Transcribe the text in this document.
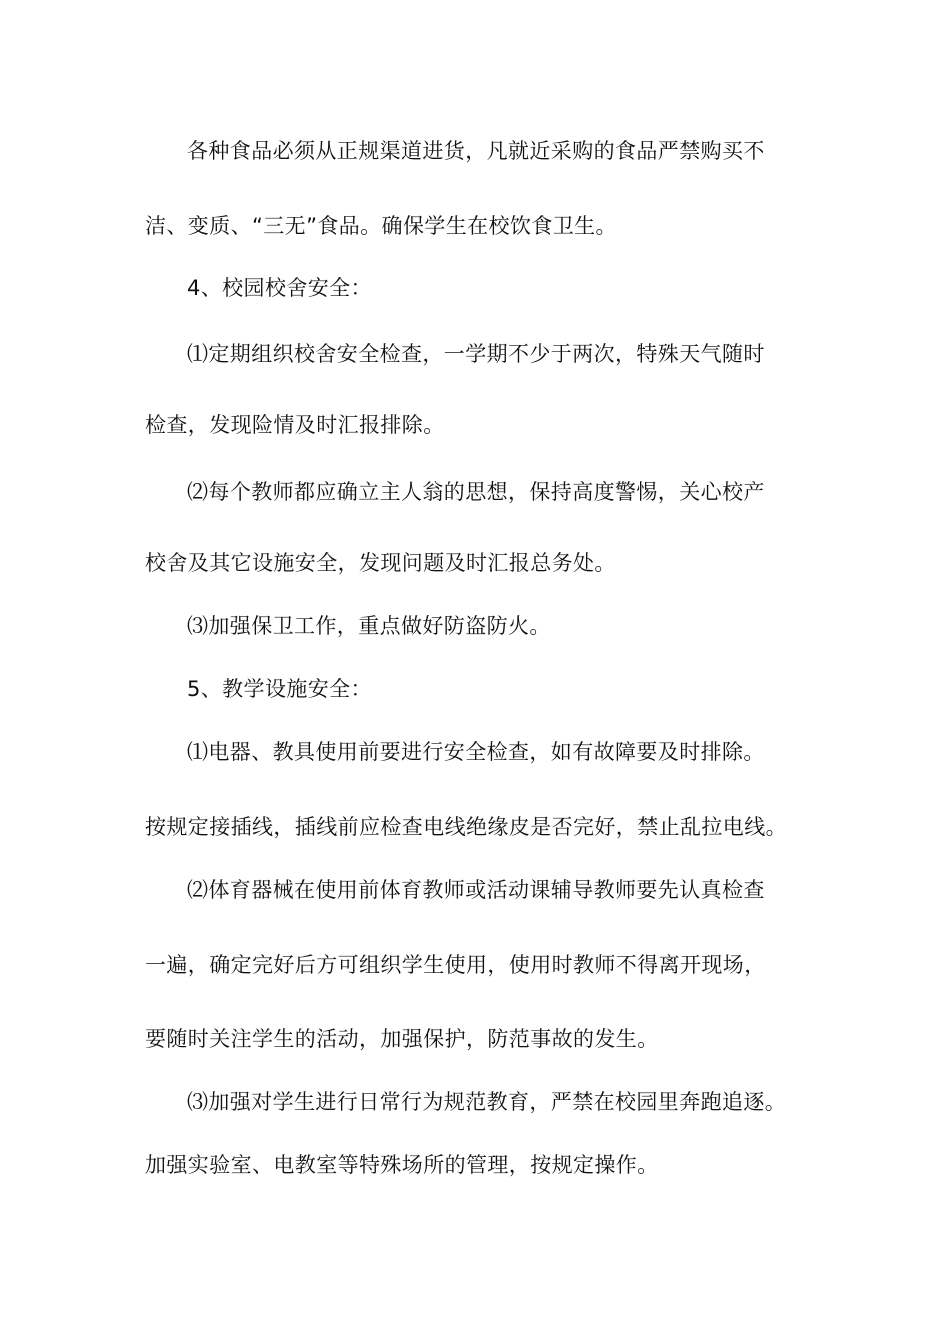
各种食品必须从正规渠道进货，凡就近采购的食品严禁购买不
洁、变质、“三无”食品。确保学生在校饮食卫生。
4、校园校舍安全：
⑴定期组织校舍安全检查，一学期不少于两次，特殊天气随时
检查，发现险情及时汇报排除。
⑵每个教师都应确立主人翁的思想，保持高度警惕，关心校产
校舍及其它设施安全，发现问题及时汇报总务处。
⑶加强保卫工作，重点做好防盗防火。
5、教学设施安全：
⑴电器、教具使用前要进行安全检查，如有故障要及时排除。
按规定接插线，插线前应检查电线绝缘皮是否完好，禁止乱拉电线。
⑵体育器械在使用前体育教师或活动课辅导教师要先认真检查
一遍，确定完好后方可组织学生使用，使用时教师不得离开现场，
要随时关注学生的活动，加强保护，防范事故的发生。
⑶加强对学生进行日常行为规范教育，严禁在校园里奔跑追逐。
加强实验室、电教室等特殊场所的管理，按规定操作。
